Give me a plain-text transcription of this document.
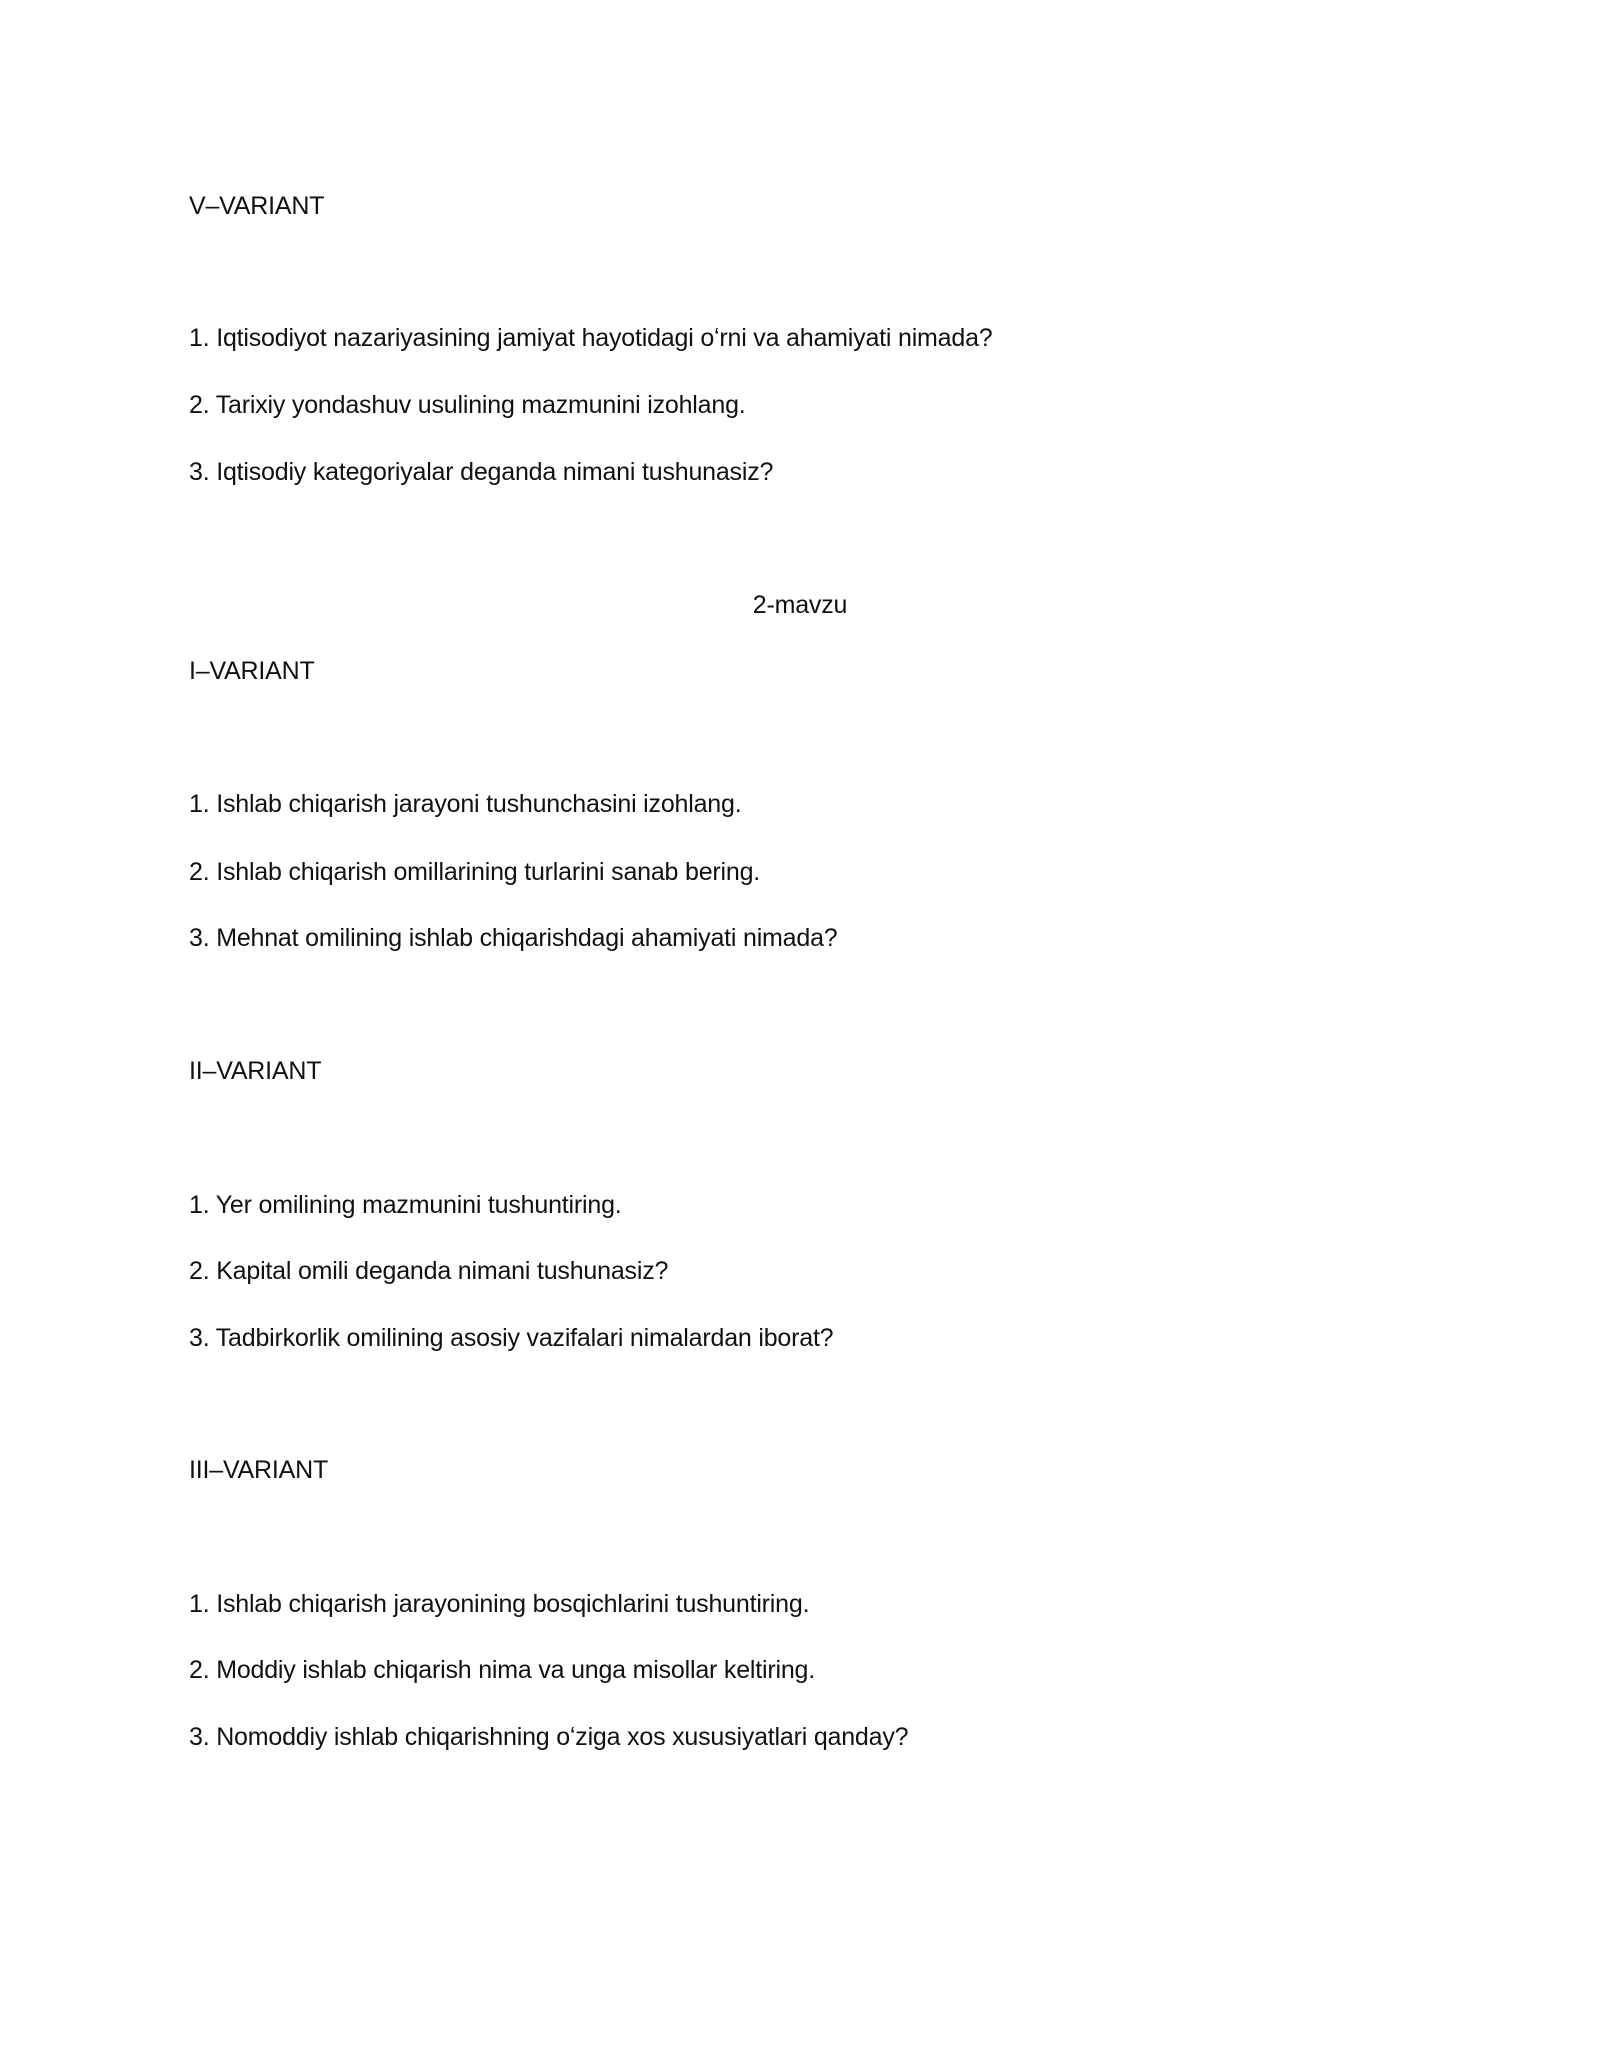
V–VARIANT
1. Iqtisodiyot nazariyasining jamiyat hayotidagi oʻrni va ahamiyati nimada?
2. Tarixiy yondashuv usulining mazmunini izohlang.
3. Iqtisodiy kategoriyalar deganda nimani tushunasiz?
2-mavzu
I–VARIANT
1. Ishlab chiqarish jarayoni tushunchasini izohlang.
2. Ishlab chiqarish omillarining turlarini sanab bering.
3. Mehnat omilining ishlab chiqarishdagi ahamiyati nimada?
II–VARIANT
1. Yer omilining mazmunini tushuntiring.
2. Kapital omili deganda nimani tushunasiz?
3. Tadbirkorlik omilining asosiy vazifalari nimalardan iborat?
III–VARIANT
1. Ishlab chiqarish jarayonining bosqichlarini tushuntiring.
2. Moddiy ishlab chiqarish nima va unga misollar keltiring.
3. Nomoddiy ishlab chiqarishning oʻziga xos xususiyatlari qanday?
